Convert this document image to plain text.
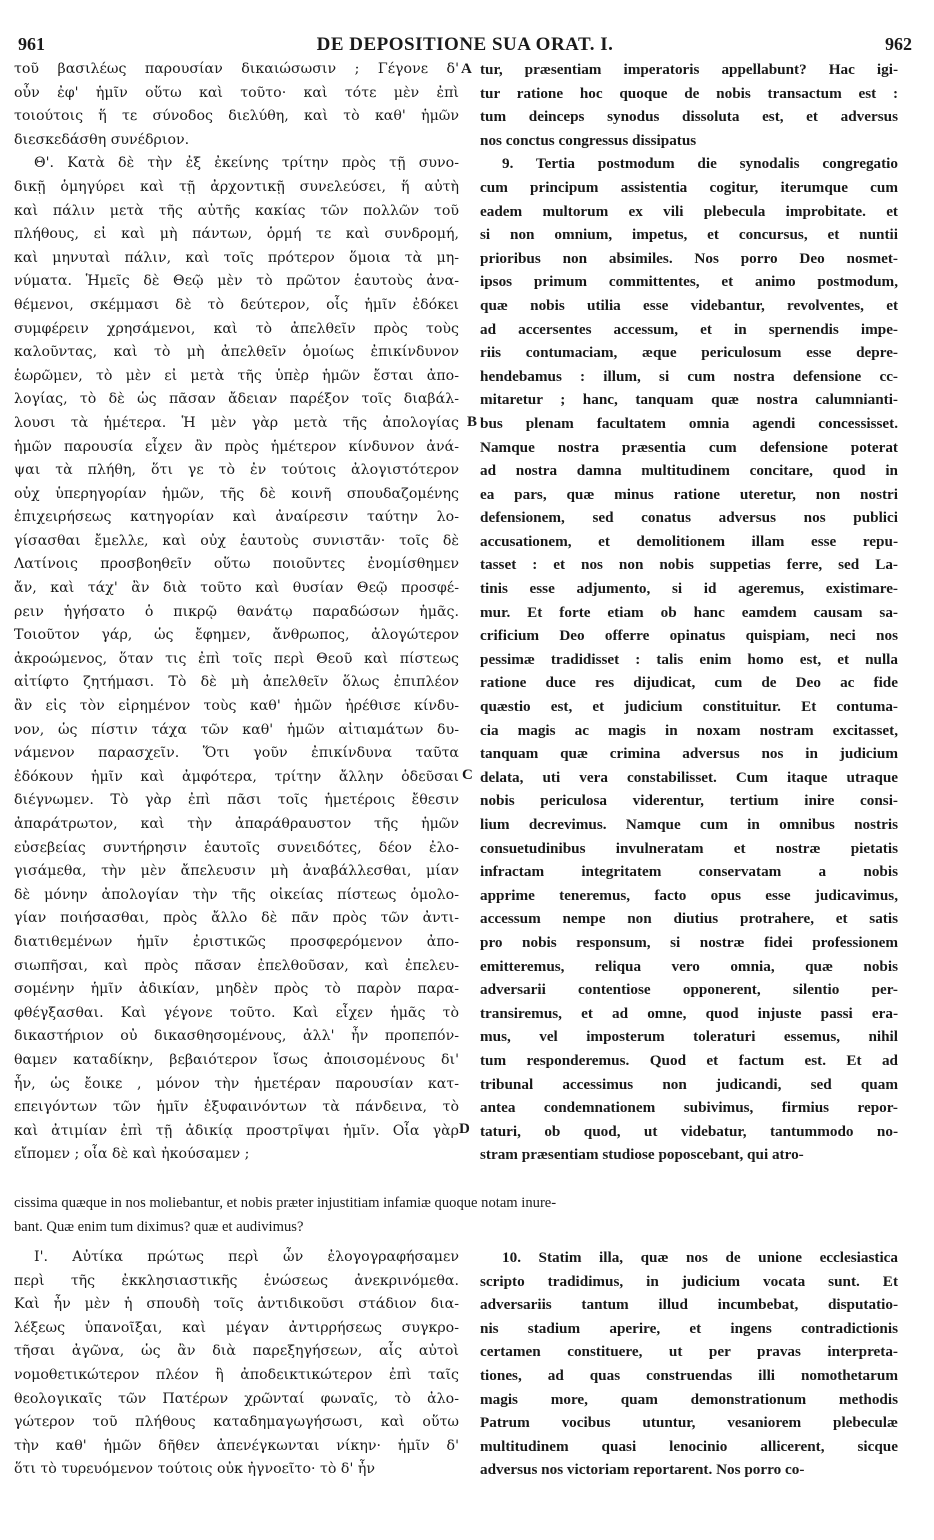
961	DE DEPOSITIONE SUA ORAT. I.	962
τοῦ βασιλέως παρουσίαν δικαιώσωσιν ; Γέγονε δ'
οὖν ἐφ' ἡμῖν οὕτω καὶ τοῦτο· καὶ τότε μὲν ἐπὶ
τοιούτοις ἥ τε σύνοδος διελύθη, καὶ τὸ καθ' ἡμῶν
διεσκεδάσθη συνέδριον.
Θ'. Κατὰ δὲ τὴν ἐξ ἐκείνης τρίτην πρὸς τῇ συνο-
δικῇ ὁμηγύρει καὶ τῇ ἀρχοντικῇ συνελεύσει, ἥ αὐτὴ
καὶ πάλιν μετὰ τῆς αὐτῆς κακίας τῶν πολλῶν τοῦ
πλήθους, εἰ καὶ μὴ πάντων, ὁρμή τε καὶ συνδρομή,
καὶ μηνυταὶ πάλιν, καὶ τοῖς πρότερον ὅμοια τὰ μη-
νύματα. Ἡμεῖς δὲ Θεῷ μὲν τὸ πρῶτον ἑαυτοὺς ἀνα-
θέμενοι, σκέμμασι δὲ τὸ δεύτερον, οἷς ἡμῖν ἐδόκει
συμφέρειν χρησάμενοι, καὶ τὸ ἀπελθεῖν πρὸς τοὺς
καλοῦντας, καὶ τὸ μὴ ἀπελθεῖν ὁμοίως ἐπικίνδυνον
ἑωρῶμεν, τὸ μὲν εἰ μετὰ τῆς ὑπὲρ ἡμῶν ἔσται ἀπο-
λογίας, τὸ δὲ ὡς πᾶσαν ἄδειαν παρέξον τοῖς διαβάλ-
λουσι τὰ ἡμέτερα. Ἡ μὲν γὰρ μετὰ τῆς ἀπολογίας
ἡμῶν παρουσία εἶχεν ἂν πρὸς ἡμέτερον κίνδυνον ἀνά-
ψαι τὰ πλήθη, ὅτι γε τὸ ἐν τούτοις ἀλογιστότερον
οὐχ ὑπερηγορίαν ἡμῶν, τῆς δὲ κοινῆ σπουδαζομένης
ἐπιχειρήσεως κατηγορίαν καὶ ἀναίρεσιν ταύτην λο-
γίσασθαι ἔμελλε, καὶ οὐχ ἑαυτοὺς συνιστᾶν· τοῖς δὲ
Λατίνοις προσβοηθεῖν οὕτω ποιοῦντες ἐνομίσθημεν
ἄν, καὶ τάχ' ἂν διὰ τοῦτο καὶ θυσίαν Θεῷ προσφέ-
ρειν ἡγήσατο ὁ πικρῷ θανάτῳ παραδώσων ἡμᾶς.
Τοιοῦτον γάρ, ὡς ἔφημεν, ἄνθρωπος, ἀλογώτερον
ἀκροώμενος, ὅταν τις ἐπὶ τοῖς περὶ Θεοῦ καὶ πίστεως
αἰτίφτο ζητήμασι. Τὸ δὲ μὴ ἀπελθεῖν ὅλως ἐπιπλέον
ἂν εἰς τὸν εἰρημένον τοὺς καθ' ἡμῶν ἠρέθισε κίνδυ-
νον, ὡς πίστιν τάχα τῶν καθ' ἡμῶν αἰτιαμάτων δυ-
νάμενον παρασχεῖν. Ὅτι γοῦν ἐπικίνδυνα ταῦτα
ἐδόκουν ἡμῖν καὶ ἀμφότερα, τρίτην ἄλλην ὁδεῦσαι
διέγνωμεν. Τὸ γὰρ ἐπὶ πᾶσι τοῖς ἡμετέροις ἔθεσιν
ἀπαράτρωτον, καὶ τὴν ἀπαράθραυστον τῆς ἡμῶν
εὐσεβείας συντήρησιν ἑαυτοῖς συνειδότες, δέον ἐλο-
γισάμεθα, τὴν μὲν ἄπελευσιν μὴ ἀναβάλλεσθαι, μίαν
δὲ μόνην ἀπολογίαν τὴν τῆς οἰκείας πίστεως ὁμολο-
γίαν ποιήσασθαι, πρὸς ἄλλο δὲ πᾶν πρὸς τῶν ἀντι-
διατιθεμένων ἡμῖν ἐριστικῶς προσφερόμενον ἀπο-
σιωπῆσαι, καὶ πρὸς πᾶσαν ἐπελθοῦσαν, καὶ ἐπελευ-
σομένην ἡμῖν ἀδικίαν, μηδὲν πρὸς τὸ παρὸν παρα-
φθέγξασθαι. Καὶ γέγονε τοῦτο. Καὶ εἶχεν ἡμᾶς τὸ
δικαστήριον οὐ δικασθησομένους, ἀλλ' ἦν προπεπόν-
θαμεν καταδίκην, βεβαιότερον ἴσως ἀποισομένους δι'
ἧν, ὡς ἔοικε , μόνον τὴν ἡμετέραν παρουσίαν κατ-
επειγόντων τῶν ἡμῖν ἐξυφαινόντων τὰ πάνδεινα, τὸ
καὶ ἀτιμίαν ἐπὶ τῇ ἀδικίᾳ προστρῖψαι ἡμῖν. Οἷα γὰρ
εἴπομεν ; οἷα δὲ καὶ ἠκούσαμεν ;
tur, præsentiam imperatoris appellabunt? Hac igi-
tur ratione hoc quoque de nobis transactum est :
tum deinceps synodus dissoluta est, et adversus
nos conctus congressus dissipatus
9. Tertia postmodum die synodalis congregatio
cum principum assistentia cogitur, iterumque cum
eadem multorum ex vili plebecula improbitate. et
si non omnium, impetus, et concursus, et nuntii
prioribus non absimiles. Nos porro Deo nosmet-
ipsos primum committentes, et animo postmodum,
quæ nobis utilia esse videbantur, revolventes, et
ad accersentes accessum, et in spernendis impe-
riis contumaciam, æque periculosum esse depre-
hendebamus : illum, si cum nostra defensione cc-
mitaretur ; hanc, tanquam quæ nostra calumnianti-
bus plenam facultatem omnia agendi concessisset.
Namque nostra præsentia cum defensione poterat
ad nostra damna multitudinem concitare, quod in
ea pars, quæ minus ratione uteretur, non nostri
defensionem, sed conatus adversus nos publici
accusationem, et demolitionem illam esse repu-
tasset : et nos non nobis suppetias ferre, sed La-
tinis esse adjumento, si id ageremus, existimare-
mur. Et forte etiam ob hanc eamdem causam sa-
crificium Deo offerre opinatus quispiam, neci nos
pessimæ tradidisset : talis enim homo est, et nulla
ratione duce res dijudicat, cum de Deo ac fide
quæstio est, et judicium constituitur. Et contuma-
cia magis ac magis in noxam nostram excitasset,
tanquam quæ crimina adversus nos in judicium
delata, uti vera constabilisset. Cum itaque utraque
nobis periculosa viderentur, tertium inire consi-
lium decrevimus. Namque cum in omnibus nostris
consuetudinibus invulneratam et nostræ pietatis
infractam integritatem conservatam a nobis
apprime teneremus, facto opus esse judicavimus,
accessum nempe non diutius protrahere, et satis
pro nobis responsum, si nostræ fidei professionem
emitteremus, reliqua vero omnia, quæ nobis
adversarii contentiose opponerent, silentio per-
transiremus, et ad omne, quod injuste passi era-
mus, vel imposterum toleraturi essemus, nihil
tum responderemus. Quod et factum est. Et ad
tribunal accessimus non judicandi, sed quam
antea condemnationem subivimus, firmius repor-
taturi, ob quod, ut videbatur, tantummodo no-
stram præsentiam studiose poposcebant, qui atro-
cissima quæque in nos moliebantur, et nobis præter injustitiam infamiæ quoque notam inure-
bant. Quæ enim tum diximus? quæ et audivimus?
Ι'. Αὐτίκα πρώτως περὶ ὧν ἐλογογραφήσαμεν
περὶ τῆς ἐκκλησιαστικῆς ἑνώσεως ἀνεκρινόμεθα.
Καὶ ἦν μὲν ἡ σπουδὴ τοῖς ἀντιδικοῦσι στάδιον δια-
λέξεως ὑπανοῖξαι, καὶ μέγαν ἀντιρρήσεως συγκρο-
τῆσαι ἀγῶνα, ὡς ἂν διὰ παρεξηγήσεων, αἷς αὐτοὶ
νομοθετικώτερον πλέον ἢ ἀποδεικτικώτερον ἐπὶ ταῖς
θεολογικαῖς τῶν Πατέρων χρῶνταί φωναῖς, τὸ ἀλο-
γώτερον τοῦ πλήθους καταδημαγωγήσωσι, καὶ οὕτω
τὴν καθ' ἡμῶν δῆθεν ἀπενέγκωνται νίκην· ἡμῖν δ'
ὅτι τὸ τυρευόμενον τούτοις οὐκ ἠγνοεῖτο· τὸ δ' ἦν
10. Statim illa, quæ nos de unione ecclesiastica
scripto tradidimus, in judicium vocata sunt. Et
adversariis tantum illud incumbebat, disputatio-
nis stadium aperire, et ingens contradictionis
certamen constituere, ut per pravas interpreta-
tiones, ad quas construendas illi nomothetarum
magis more, quam demonstrationum methodis
Patrum vocibus utuntur, vesaniorem plebeculæ
multitudinem quasi lenocinio allicerent, sicque
adversus nos victoriam reportarent. Nos porro co-
A
B
C
D
